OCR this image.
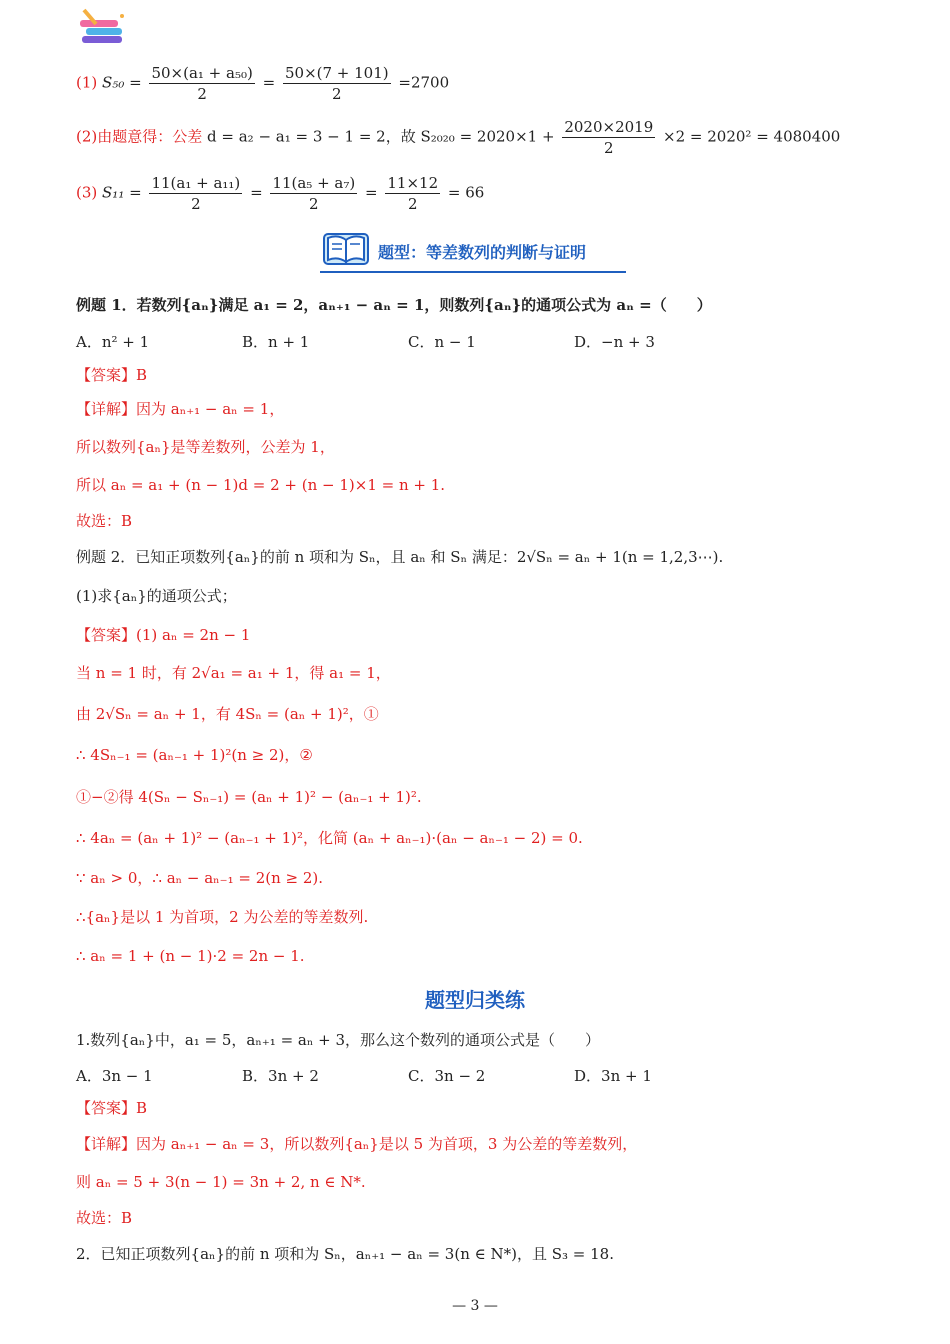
(1) $S_{50} = \frac{\text{50×(a₁ + a₅₀)}}{2} = \frac{50\times(7 + 101)}{2} =2700$
(2)由题意得：公差 d = a₂ − a₁ = 3 − 1 = 2，故 $S_{2020} = 2020\times 1 + \frac{2020\times 2019}{2} \times 2 = 2020^2 = 4080400$
(3) $S_{11} = \frac{\text{11(a₁ + a₁₁)}}{2} = \frac{\text{11(a₅ + a₇)}}{2} = \frac{11\times 12}{2} = 66$
题型：等差数列的判断与证明
例题 1．若数列{aₙ}满足 a₁ = 2，aₙ₊₁ − aₙ = 1，则数列{aₙ}的通项公式为 aₙ =（　　）
A．n² + 1	B．n + 1	C．n − 1	D．−n + 3
【答案】B
【详解】因为 aₙ₊₁ − aₙ = 1，
所以数列{aₙ}是等差数列，公差为 1，
所以 aₙ = a₁ + (n − 1)d = 2 + (n − 1)×1 = n + 1.
故选：B
例题 2．已知正项数列{aₙ}的前 n 项和为 Sₙ，且 aₙ 和 Sₙ 满足：2√Sₙ = aₙ + 1(n = 1,2,3⋯).
(1)求{aₙ}的通项公式；
【答案】(1) aₙ = 2n − 1
当 n = 1 时，有 2√a₁ = a₁ + 1，得 a₁ = 1，
由 2√Sₙ = aₙ + 1，有 4Sₙ = (aₙ + 1)²，①
∴ 4Sₙ₋₁ = (aₙ₋₁ + 1)²(n ≥ 2)，②
①−②得 4(Sₙ − Sₙ₋₁) = (aₙ + 1)² − (aₙ₋₁ + 1)².
∴ 4aₙ = (aₙ + 1)² − (aₙ₋₁ + 1)²，化简 (aₙ + aₙ₋₁)·(aₙ − aₙ₋₁ − 2) = 0.
∵ aₙ > 0，∴ aₙ − aₙ₋₁ = 2(n ≥ 2).
∴{aₙ}是以 1 为首项，2 为公差的等差数列.
∴ aₙ = 1 + (n − 1)·2 = 2n − 1.
题型归类练
1.数列{aₙ}中，a₁ = 5，aₙ₊₁ = aₙ + 3，那么这个数列的通项公式是（　　）
A．3n − 1	B．3n + 2	C．3n − 2	D．3n + 1
【答案】B
【详解】因为 aₙ₊₁ − aₙ = 3，所以数列{aₙ}是以 5 为首项，3 为公差的等差数列，
则 aₙ = 5 + 3(n − 1) = 3n + 2, n ∈ N*.
故选：B
2．已知正项数列{aₙ}的前 n 项和为 Sₙ，aₙ₊₁ − aₙ = 3(n ∈ N*)，且 S₃ = 18.
— 3 —
